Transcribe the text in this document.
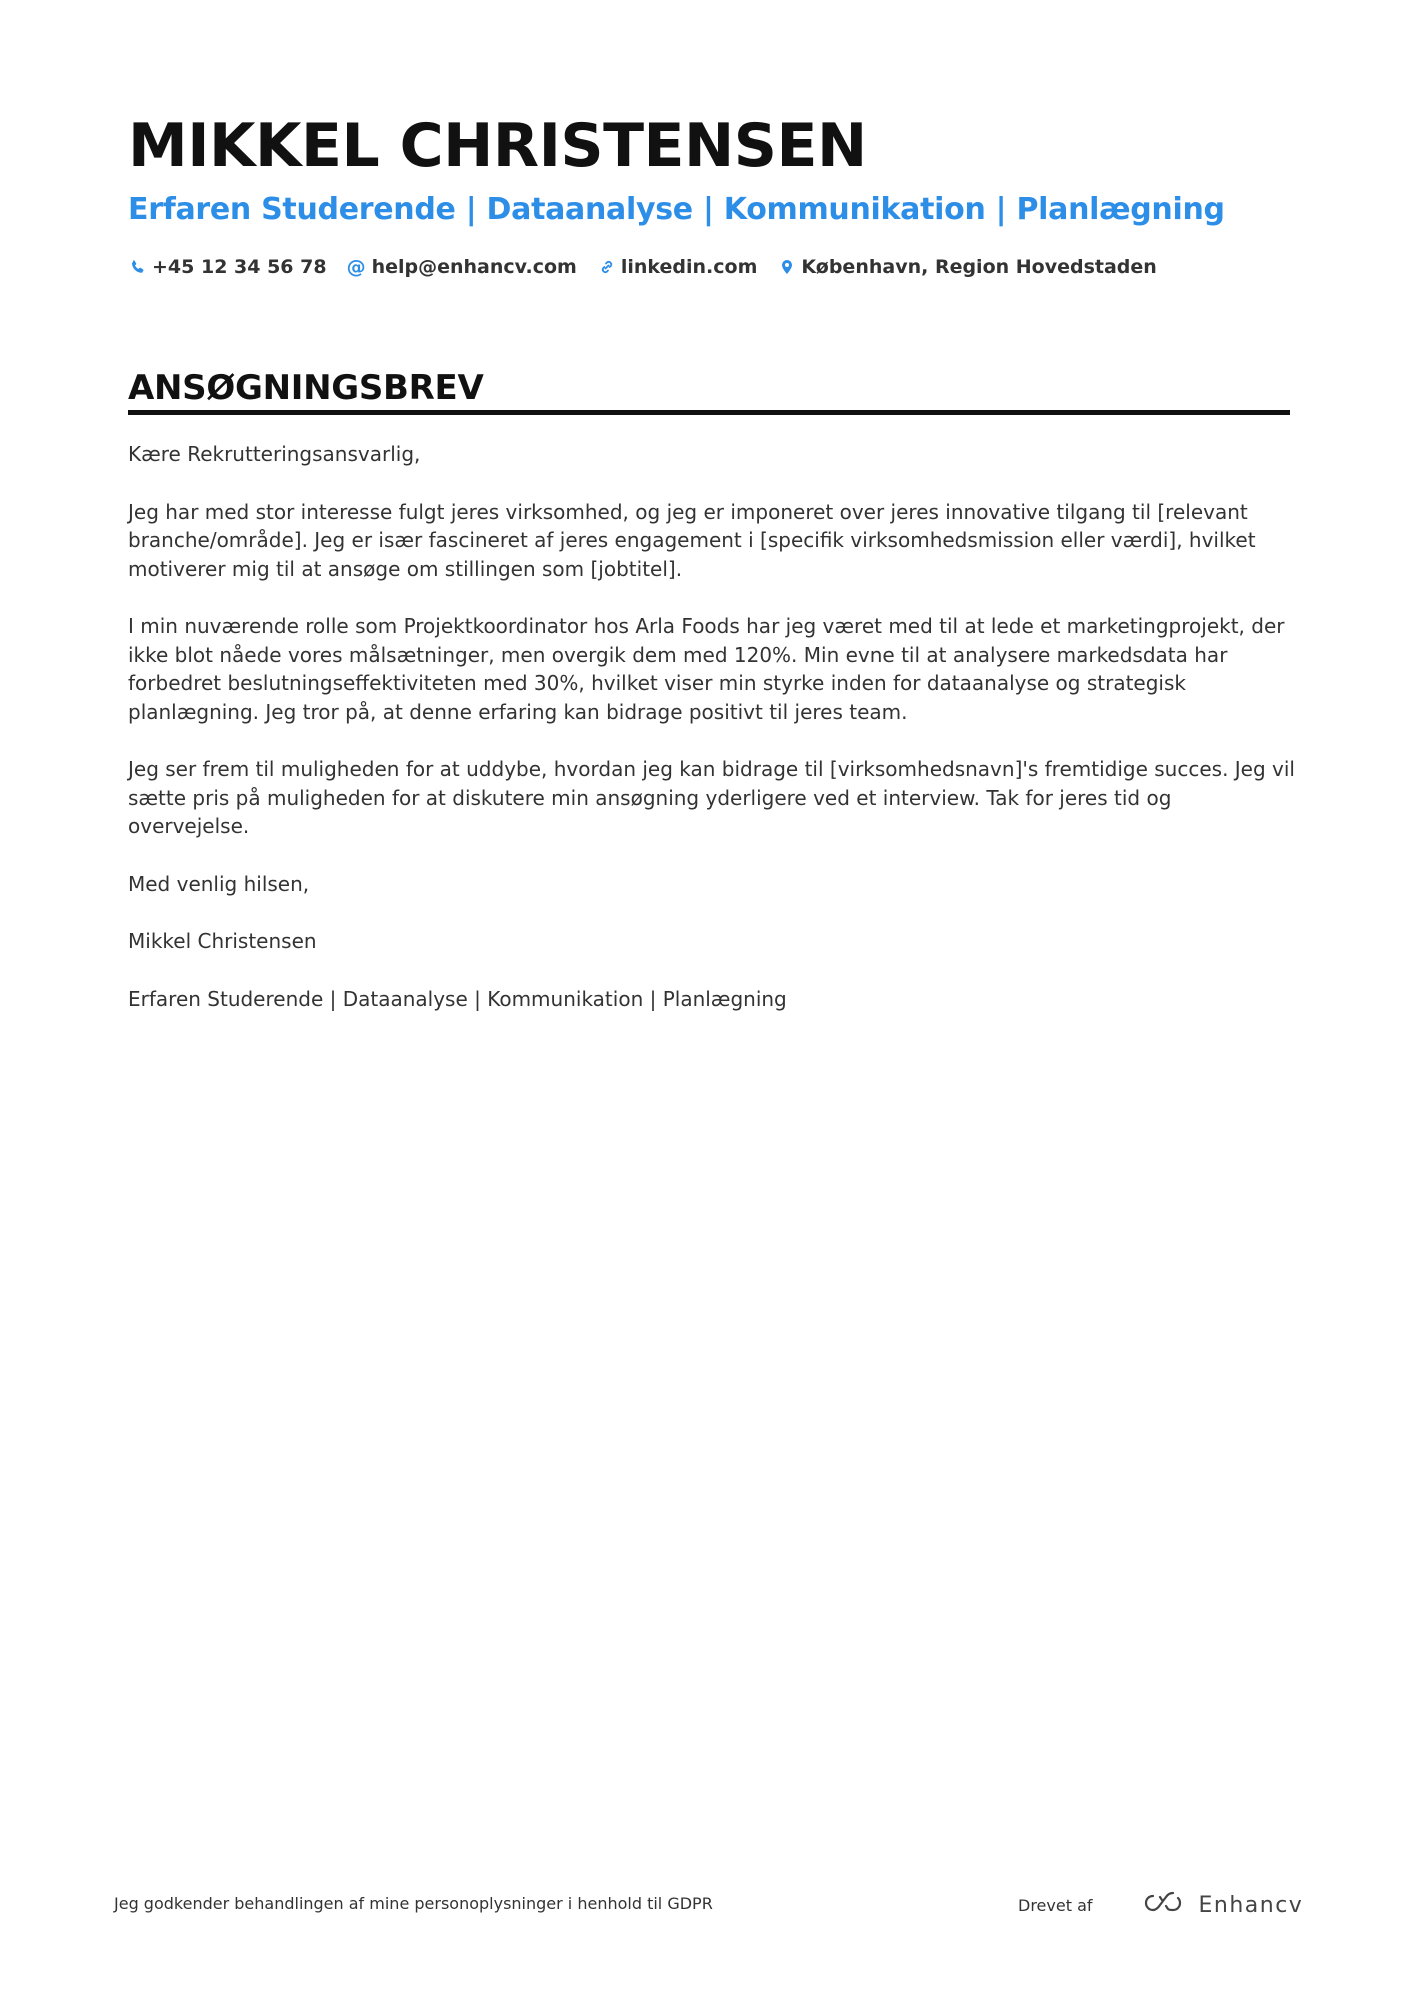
MIKKEL CHRISTENSEN
Erfaren Studerende | Dataanalyse | Kommunikation | Planlægning
+45 12 34 56 78 @ help@enhancv.com linkedin.com København, Region Hovedstaden
ANSØGNINGSBREV

Kære Rekrutteringsansvarlig,

Jeg har med stor interesse fulgt jeres virksomhed, og jeg er imponeret over jeres innovative tilgang til [relevant branche/område]. Jeg er især fascineret af jeres engagement i [specifik virksomhedsmission eller værdi], hvilket motiverer mig til at ansøge om stillingen som [jobtitel].

I min nuværende rolle som Projektkoordinator hos Arla Foods har jeg været med til at lede et marketingprojekt, der ikke blot nåede vores målsætninger, men overgik dem med 120%. Min evne til at analysere markedsdata har forbedret beslutningseffektiviteten med 30%, hvilket viser min styrke inden for dataanalyse og strategisk planlægning. Jeg tror på, at denne erfaring kan bidrage positivt til jeres team.

Jeg ser frem til muligheden for at uddybe, hvordan jeg kan bidrage til [virksomhedsnavn]'s fremtidige succes. Jeg vil sætte pris på muligheden for at diskutere min ansøgning yderligere ved et interview. Tak for jeres tid og overvejelse.

Med venlig hilsen,

Mikkel Christensen

Erfaren Studerende | Dataanalyse | Kommunikation | Planlægning

Jeg godkender behandlingen af mine personoplysninger i henhold til GDPR	Drevet af	Enhancv
